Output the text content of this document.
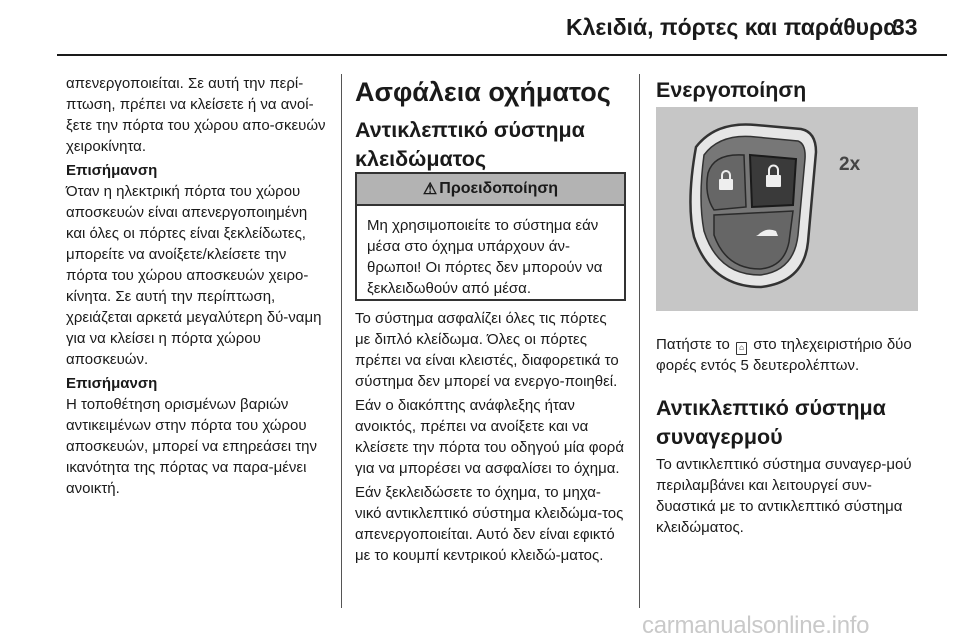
Κλειδιά, πόρτες και παράθυρα
33

απενεργοποιείται. Σε αυτή την περί-πτωση, πρέπει να κλείσετε ή να ανοί-ξετε την πόρτα του χώρου απο-σκευών χειροκίνητα.

Επισήμανση

Όταν η ηλεκτρική πόρτα του χώρου αποσκευών είναι απενεργοποιημένη και όλες οι πόρτες είναι ξεκλείδωτες, μπορείτε να ανοίξετε/κλείσετε την πόρτα του χώρου αποσκευών χειρο-κίνητα. Σε αυτή την περίπτωση, χρειάζεται αρκετά μεγαλύτερη δύ-ναμη για να κλείσει η πόρτα χώρου αποσκευών.

Επισήμανση

Η τοποθέτηση ορισμένων βαριών αντικειμένων στην πόρτα του χώρου αποσκευών, μπορεί να επηρεάσει την ικανότητα της πόρτας να παρα-μένει ανοικτή.

Ασφάλεια οχήματος
Αντικλεπτικό σύστημα κλειδώματος
⚠ Προειδοποίηση
Μη χρησιμοποιείτε το σύστημα εάν μέσα στο όχημα υπάρχουν άν-θρωποι! Οι πόρτες δεν μπορούν να ξεκλειδωθούν από μέσα.

Το σύστημα ασφαλίζει όλες τις πόρτες με διπλό κλείδωμα. Όλες οι πόρτες πρέπει να είναι κλειστές, διαφορετικά το σύστημα δεν μπορεί να ενεργο-ποιηθεί.

Εάν ο διακόπτης ανάφλεξης ήταν ανοικτός, πρέπει να ανοίξετε και να κλείσετε την πόρτα του οδηγού μία φορά για να μπορέσει να ασφαλίσει το όχημα.

Εάν ξεκλειδώσετε το όχημα, το μηχα-νικό αντικλεπτικό σύστημα κλειδώμα-τος απενεργοποιείται. Αυτό δεν είναι εφικτό με το κουμπί κεντρικού κλειδώ-ματος.

Ενεργοποίηση
2x

Πατήστε το ⌂ στο τηλεχειριστήριο δύο φορές εντός 5 δευτερολέπτων.

Αντικλεπτικό σύστημα συναγερμού

Το αντικλεπτικό σύστημα συναγερ-μού περιλαμβάνει και λειτουργεί συν-δυαστικά με το αντικλεπτικό σύστημα κλειδώματος.

carmanualsonline.info
